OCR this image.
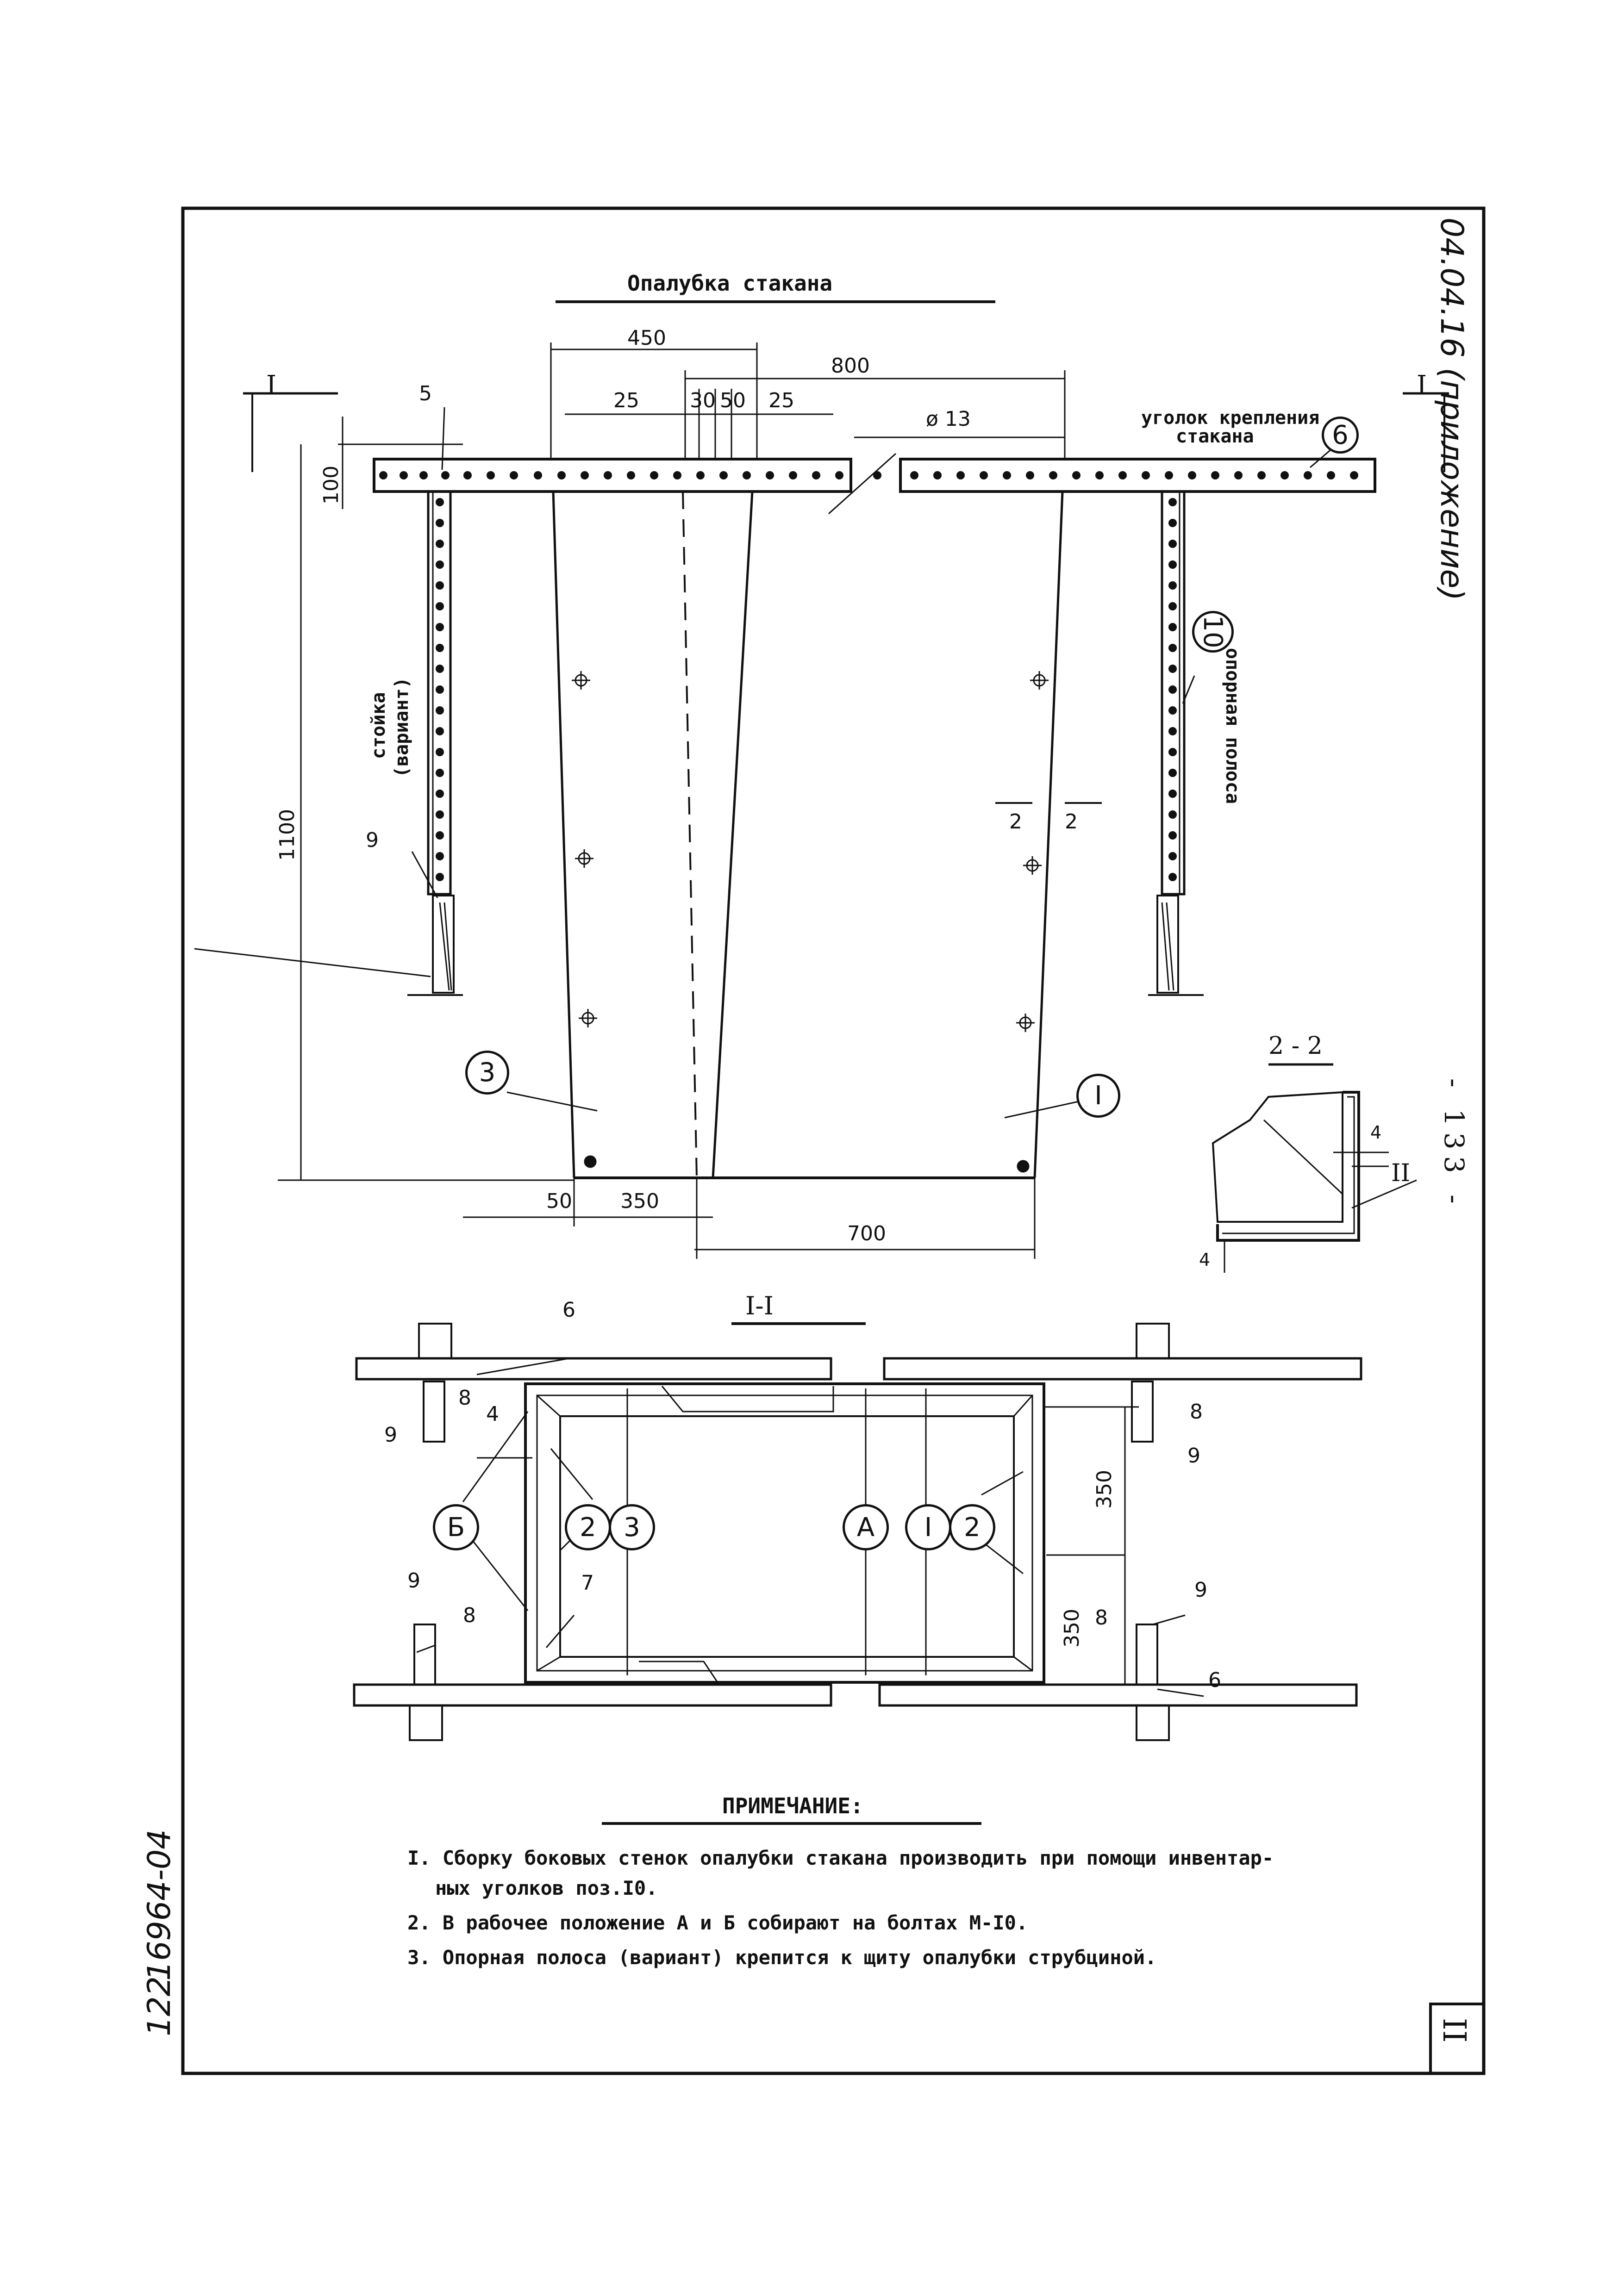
Опалубка стакана	04.04.16 (приложение)
- 133 -
16964-04
122	II
450
800
25 30 50 25
ø 13
100
1100
50 350
700
I	I
уголок крепления
стакана
стойка (вариант)	опорная полоса
2 2
5
9
6
10
3
I
2 - 2
4
4
II
I-I
6
6
8
8
8	8
9
9
9	9
4
7
350
350
Б	2	3	А	I	2
ПРИМЕЧАНИЕ:
I. Сборку боковых стенок опалубки стакана производить при помощи инвентар-
ных уголков поз.I0.
2. В рабочее положение А и Б собирают на болтах М-I0.
3. Опорная полоса (вариант) крепится к щиту опалубки струбциной.
